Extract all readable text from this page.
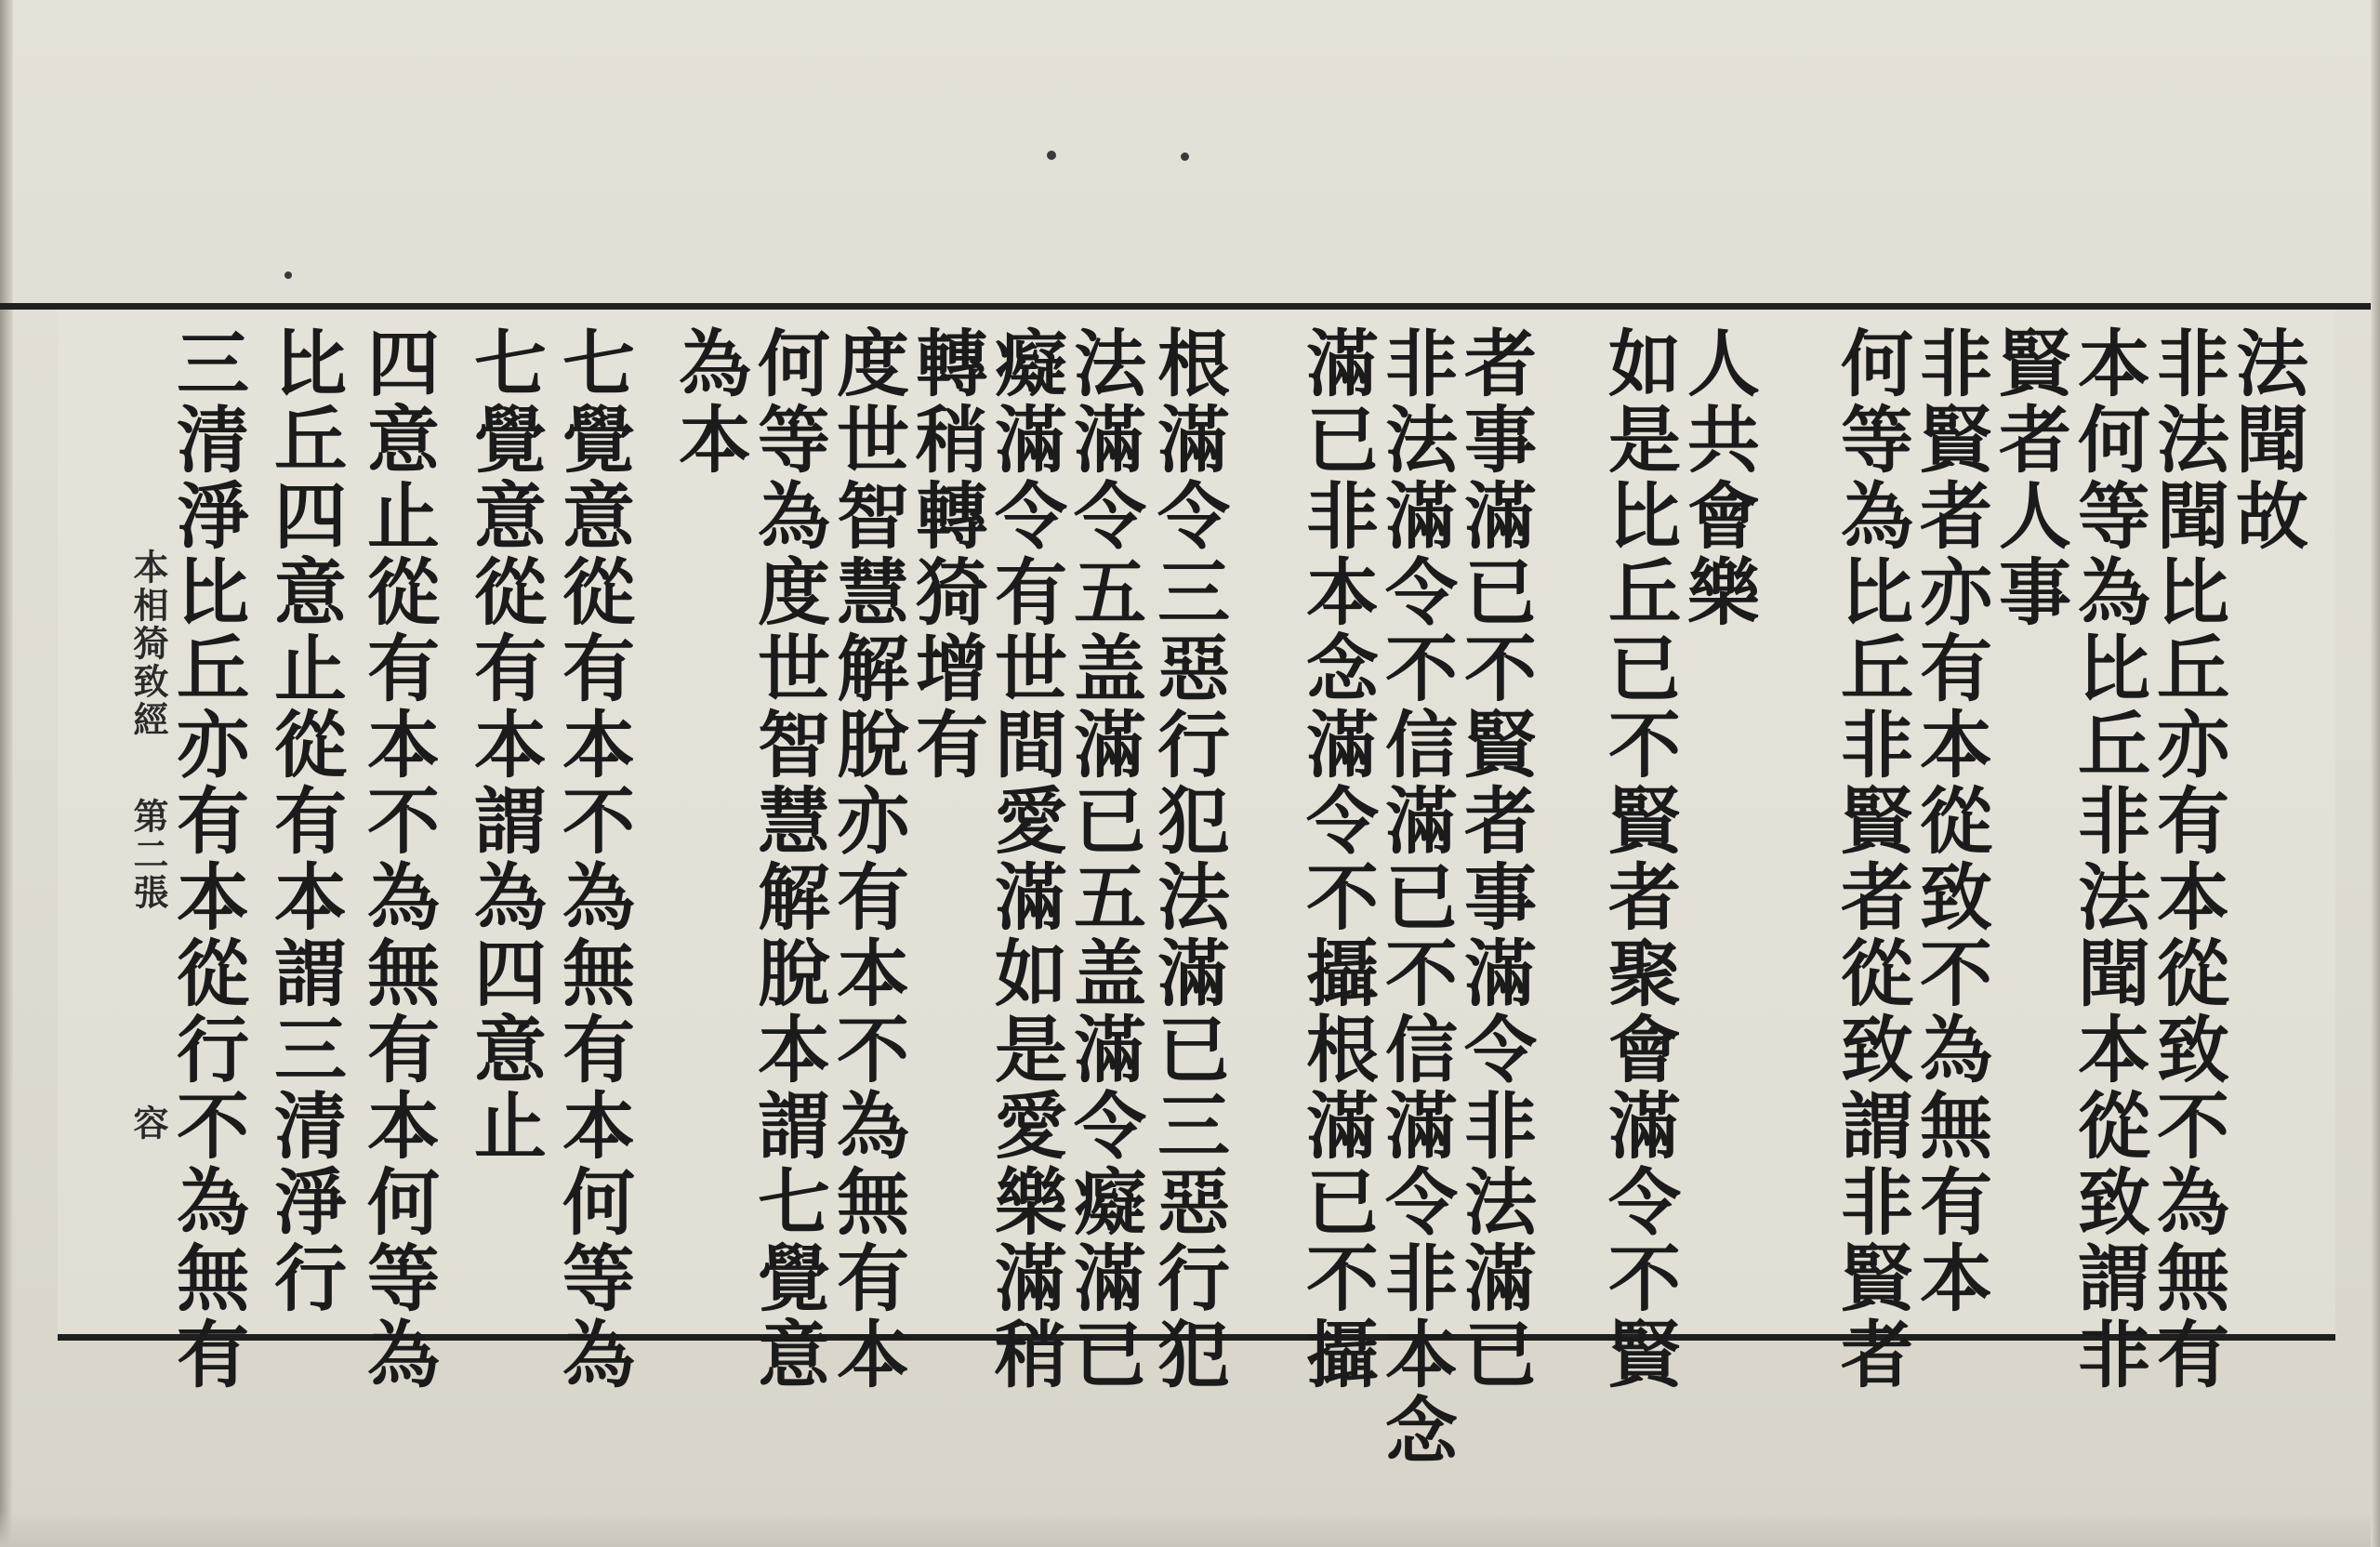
法聞故
非法聞比丘亦有本從致不為無有
本何等為比丘非法聞本從致謂非
賢者人事
非賢者亦有本從致不為無有本
何等為比丘非賢者從致謂非賢者
人共會樂
如是比丘已不賢者聚會滿令不賢
者事滿已不賢者事滿令非法滿已
非法滿令不信滿已不信滿令非本念
滿已非本念滿令不攝根滿已不攝
根滿令三惡行犯法滿已三惡行犯
法滿令五盖滿已五盖滿令癡滿已
癡滿令有世間愛滿如是愛樂滿稍
轉稍轉猗增有
度世智慧解脫亦有本不為無有本
何等為度世智慧解脫本謂七覺意
為本
七覺意從有本不為無有本何等為
七覺意從有本謂為四意止
四意止從有本不為無有本何等為
比丘四意止從有本謂三清淨行
三清淨比丘亦有本從行不為無有
本相猗致經
第二張
容
